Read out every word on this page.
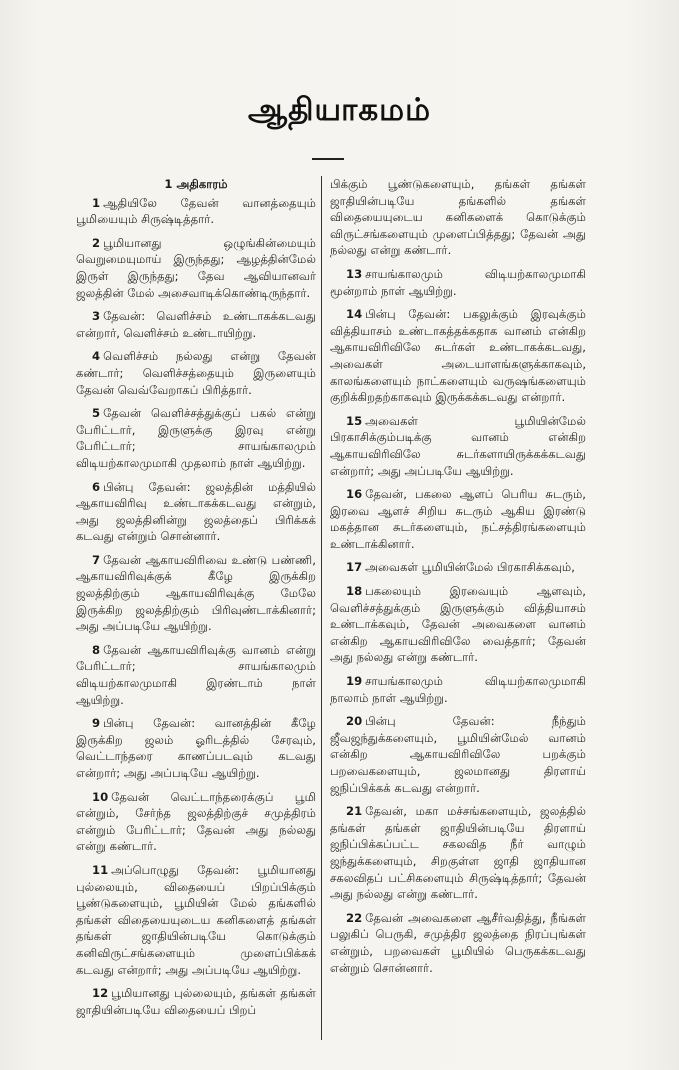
ஆதியாகமம்
1 அதிகாரம்
1 ஆதியிலே தேவன் வானத்தையும் பூமியையும் சிருஷ்டித்தார்.
2 பூமியானது ஒழுங்கின்மையும் வெறுமையுமாய் இருந்தது; ஆழத்தின்மேல் இருள் இருந்தது; தேவ ஆவியானவர் ஜலத்தின் மேல் அசைவாடிக்கொண்டிருந்தார்.
3 தேவன்: வெளிச்சம் உண்டாகக்கடவது என்றார், வெளிச்சம் உண்டாயிற்று.
4 வெளிச்சம் நல்லது என்று தேவன் கண்டார்; வெளிச்சத்தையும் இருளையும் தேவன் வெவ்வேறாகப் பிரித்தார்.
5 தேவன் வெளிச்சத்துக்குப் பகல் என்று பேரிட்டார், இருளுக்கு இரவு என்று பேரிட்டார்; சாயங்காலமும் விடியற்காலமுமாகி முதலாம் நாள் ஆயிற்று.
6 பின்பு தேவன்: ஜலத்தின் மத்தியில் ஆகாயவிரிவு உண்டாகக்கடவது என்றும், அது ஜலத்தினின்று ஜலத்தைப் பிரிக்கக் கடவது என்றும் சொன்னார்.
7 தேவன் ஆகாயவிரிவை உண்டு பண்ணி, ஆகாயவிரிவுக்குக் கீழே இருக்கிற ஜலத்திற்கும் ஆகாயவிரிவுக்கு மேலே இருக்கிற ஜலத்திற்கும் பிரிவுண்டாக்கினார்; அது அப்படியே ஆயிற்று.
8 தேவன் ஆகாயவிரிவுக்கு வானம் என்று பேரிட்டார்; சாயங்காலமும் விடியற்காலமுமாகி இரண்டாம் நாள் ஆயிற்று.
9 பின்பு தேவன்: வானத்தின் கீழே இருக்கிற ஜலம் ஓரிடத்தில் சேரவும், வெட்டாந்தரை காணப்படவும் கடவது என்றார்; அது அப்படியே ஆயிற்று.
10 தேவன் வெட்டாந்தரைக்குப் பூமி என்றும், சேர்ந்த ஜலத்திற்குச் சமுத்திரம் என்றும் பேரிட்டார்; தேவன் அது நல்லது என்று கண்டார்.
11 அப்பொழுது தேவன்: பூமியானது புல்லையும், விதையைப் பிறப்பிக்கும் பூண்டுகளையும், பூமியின் மேல் தங்களில் தங்கள் விதையையுடைய கனிகளைத் தங்கள் தங்கள் ஜாதியின்படியே கொடுக்கும் கனிவிருட்சங்களையும் முளைப்பிக்கக் கடவது என்றார்; அது அப்படியே ஆயிற்று.
12 பூமியானது புல்லையும், தங்கள் தங்கள் ஜாதியின்படியே விதையைப் பிறப்
பிக்கும் பூண்டுகளையும், தங்கள் தங்கள் ஜாதியின்படியே தங்களில் தங்கள் விதையையுடைய கனிகளைக் கொடுக்கும் விருட்சங்களையும் முளைப்பித்தது; தேவன் அது நல்லது என்று கண்டார்.
13 சாயங்காலமும் விடியற்காலமுமாகி மூன்றாம் நாள் ஆயிற்று.
14 பின்பு தேவன்: பகலுக்கும் இரவுக்கும் வித்தியாசம் உண்டாகத்தக்கதாக வானம் என்கிற ஆகாயவிரிவிலே சுடர்கள் உண்டாகக்கடவது, அவைகள் அடையாளங்களுக்காகவும், காலங்களையும் நாட்களையும் வருஷங்களையும் குறிக்கிறதற்காகவும் இருக்கக்கடவது என்றார்.
15 அவைகள் பூமியின்மேல் பிரகாசிக்கும்படிக்கு வானம் என்கிற ஆகாயவிரிவிலே சுடர்களாயிருக்கக்கடவது என்றார்; அது அப்படியே ஆயிற்று.
16 தேவன், பகலை ஆளப் பெரிய சுடரும், இரவை ஆளச் சிறிய சுடரும் ஆகிய இரண்டு மகத்தான சுடர்களையும், நட்சத்திரங்களையும் உண்டாக்கினார்.
17 அவைகள் பூமியின்மேல் பிரகாசிக்கவும்,
18 பகலையும் இரவையும் ஆளவும், வெளிச்சத்துக்கும் இருளுக்கும் வித்தியாசம் உண்டாக்கவும், தேவன் அவைகளை வானம் என்கிற ஆகாயவிரிவிலே வைத்தார்; தேவன் அது நல்லது என்று கண்டார்.
19 சாயங்காலமும் விடியற்காலமுமாகி நாலாம் நாள் ஆயிற்று.
20 பின்பு தேவன்: நீந்தும் ஜீவஜந்துக்களையும், பூமியின்மேல் வானம் என்கிற ஆகாயவிரிவிலே பறக்கும் பறவைகளையும், ஜலமானது திரளாய் ஜநிப்பிக்கக் கடவது என்றார்.
21 தேவன், மகா மச்சங்களையும், ஜலத்தில் தங்கள் தங்கள் ஜாதியின்படியே திரளாய் ஜநிப்பிக்கப்பட்ட சகலவித நீர் வாழும் ஜந்துக்களையும், சிறகுள்ள ஜாதி ஜாதியான சகலவிதப் பட்சிகளையும் சிருஷ்டித்தார்; தேவன் அது நல்லது என்று கண்டார்.
22 தேவன் அவைகளை ஆசீர்வதித்து, நீங்கள் பலுகிப் பெருகி, சமுத்திர ஜலத்தை நிரப்புங்கள் என்றும், பறவைகள் பூமியில் பெருகக்கடவது என்றும் சொன்னார்.
